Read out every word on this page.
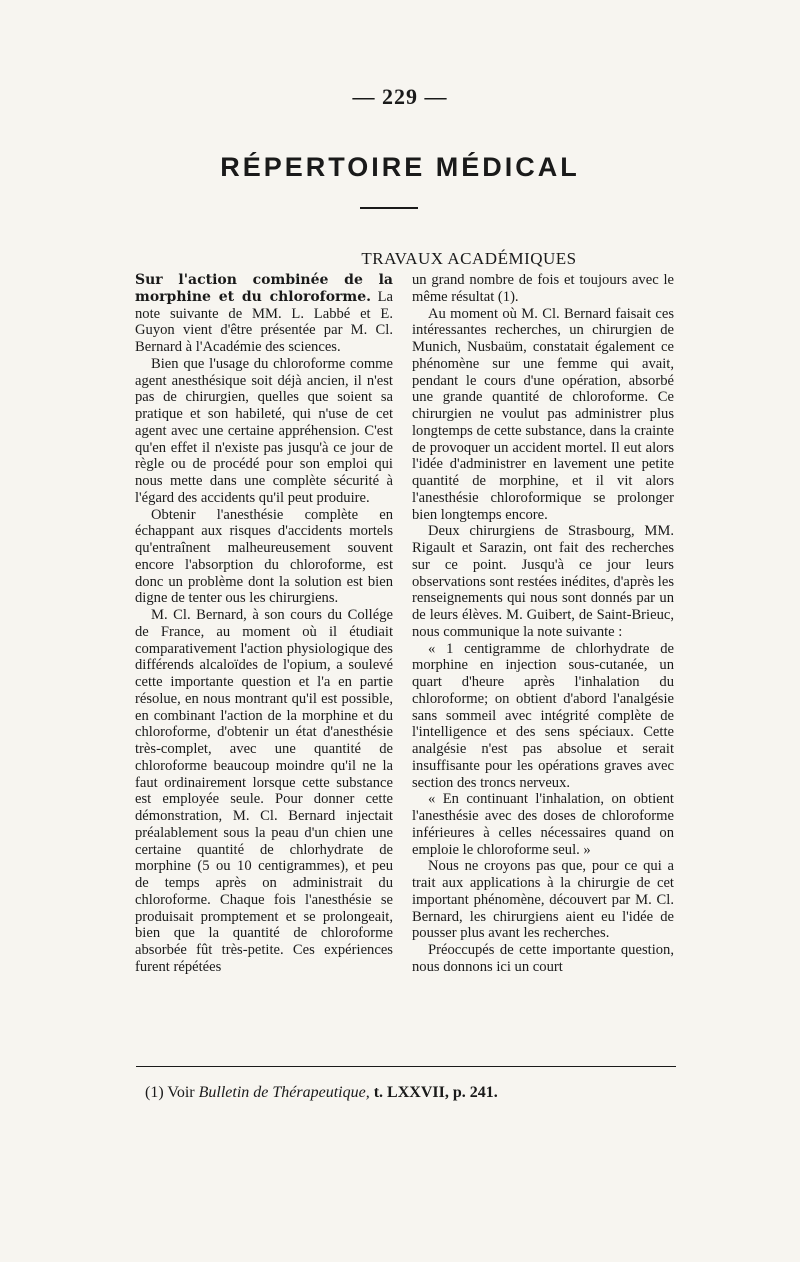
— 229 —
RÉPERTOIRE MÉDICAL
TRAVAUX ACADÉMIQUES

Sur l'action combinée de la morphine et du chloroforme. La note suivante de MM. L. Labbé et E. Guyon vient d'être présentée par M. Cl. Bernard à l'Académie des sciences.

Bien que l'usage du chloroforme comme agent anesthésique soit déjà ancien, il n'est pas de chirurgien, quelles que soient sa pratique et son habileté, qui n'use de cet agent avec une certaine appréhension. C'est qu'en effet il n'existe pas jusqu'à ce jour de règle ou de procédé pour son emploi qui nous mette dans une complète sécurité à l'égard des accidents qu'il peut produire.

Obtenir l'anesthésie complète en échappant aux risques d'accidents mortels qu'entraînent malheureusement souvent encore l'absorption du chloroforme, est donc un problème dont la solution est bien digne de tenter ous les chirurgiens.

M. Cl. Bernard, à son cours du Collége de France, au moment où il étudiait comparativement l'action physiologique des différends alcaloïdes de l'opium, a soulevé cette importante question et l'a en partie résolue, en nous montrant qu'il est possible, en combinant l'action de la morphine et du chloroforme, d'obtenir un état d'anesthésie très-complet, avec une quantité de chloroforme beaucoup moindre qu'il ne la faut ordinairement lorsque cette substance est employée seule. Pour donner cette démonstration, M. Cl. Bernard injectait préalablement sous la peau d'un chien une certaine quantité de chlorhydrate de morphine (5 ou 10 centigrammes), et peu de temps après on administrait du chloroforme. Chaque fois l'anesthésie se produisait promptement et se prolongeait, bien que la quantité de chloroforme absorbée fût très-petite. Ces expériences furent répétées

un grand nombre de fois et toujours avec le même résultat (1).

Au moment où M. Cl. Bernard faisait ces intéressantes recherches, un chirurgien de Munich, Nusbaüm, constatait également ce phénomène sur une femme qui avait, pendant le cours d'une opération, absorbé une grande quantité de chloroforme. Ce chirurgien ne voulut pas administrer plus longtemps de cette substance, dans la crainte de provoquer un accident mortel. Il eut alors l'idée d'administrer en lavement une petite quantité de morphine, et il vit alors l'anesthésie chloroformique se prolonger bien longtemps encore.

Deux chirurgiens de Strasbourg, MM. Rigault et Sarazin, ont fait des recherches sur ce point. Jusqu'à ce jour leurs observations sont restées inédites, d'après les renseignements qui nous sont donnés par un de leurs élèves. M. Guibert, de Saint-Brieuc, nous communique la note suivante :

« 1 centigramme de chlorhydrate de morphine en injection sous-cutanée, un quart d'heure après l'inhalation du chloroforme; on obtient d'abord l'analgésie sans sommeil avec intégrité complète de l'intelligence et des sens spéciaux. Cette analgésie n'est pas absolue et serait insuffisante pour les opérations graves avec section des troncs nerveux.

« En continuant l'inhalation, on obtient l'anesthésie avec des doses de chloroforme inférieures à celles nécessaires quand on emploie le chloroforme seul. »

Nous ne croyons pas que, pour ce qui a trait aux applications à la chirurgie de cet important phénomène, découvert par M. Cl. Bernard, les chirurgiens aient eu l'idée de pousser plus avant les recherches.

Préoccupés de cette importante question, nous donnons ici un court

(1) Voir Bulletin de Thérapeutique, t. LXXVII, p. 241.
